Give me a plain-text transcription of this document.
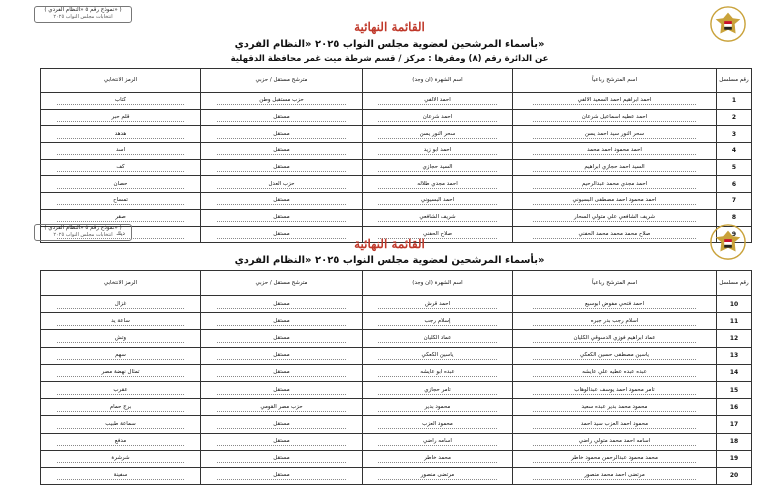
( نموذج رقم ٥ «النظام الفردي» )
انتخابات مجلس النواب ٢٠٢٥
القائمة النهائية
بأسماء المرشحين لعضوية مجلس النواب ٢٠٢٥ «النظام الفردي»
عن الدائرة رقم (٨) ومقرها : مركز / قسم شرطة ميت غمر محافظة الدقهلية
رقم مسلسل	اسم المترشح رباعياً	اسم الشهرة (ان وجد)	مترشح مستقل / حزبي	الرمز الانتخابي
1	احمد ابراهيم احمد السعيد الالفي	احمد الالفي	حزب مستقبل وطن	كتاب
2	احمد عطيه اسماعيل شرعان	احمد شرعان	مستقل	قلم حبر
3	سحر النور سيد احمد يسن	سحر النور يسن	مستقل	هدهد
4	احمد محمود احمد محمد	احمد ابو زيد	مستقل	اسد
5	السيد احمد حجازي ابراهيم	السيد حجازي	مستقل	كف
6	احمد مجدي محمد عبدالرحيم	احمد مجدي طلاله	حزب العدل	حصان
7	احمد محمود احمد مصطفى البسيوني	احمد البسيوني	مستقل	تمساح
8	شريف الشافعي علي متولي السحار	شريف الشافعي	مستقل	صقر
9	صلاح محمد محمد محمد الحفني	صلاح الحفني	مستقل	ديك
( نموذج رقم ٥ «النظام الفردي» )
انتخابات مجلس النواب ٢٠٢٥
القائمة النهائية
بأسماء المرشحين لعضوية مجلس النواب ٢٠٢٥ «النظام الفردي»
رقم مسلسل	اسم المترشح رباعياً	اسم الشهرة (ان وجد)	مترشح مستقل / حزبي	الرمز الانتخابي
10	احمد فتحي مفوض ابوسيع	احمد قرش	مستقل	غزال
11	اسلام رجب بدر جبره	إسلام رجب	مستقل	ساعة يد
12	عماد ابراهيم فوزي الدسوقي الكليان	عماد الكليان	مستقل	وتش
13	ياسين مصطفى حسين الكعكي	ياسين الكعكي	مستقل	سهم
14	عبده عبده عطيه علي عايشه	عبده ابو عايشه	مستقل	تمثال نهضة مصر
15	تامر محمود احمد يوسف عبدالوهاب	تامر حجازي	مستقل	عقرب
16	محمود محمد بدير عبده سعيد	محمود بدير	حزب مصر القومي	برج حمام
17	محمود احمد العزب سيد احمد	محمود العزب	مستقل	سماعة طبيب
18	اسامه احمد محمد متولي راضي	اسامه راضي	مستقل	مدفع
19	محمد محمود عبدالرحمن محمود خاطر	محمد خاطر	مستقل	شرشرة
20	مرتضى احمد محمد منصور	مرتضى منصور	مستقل	سفينة
